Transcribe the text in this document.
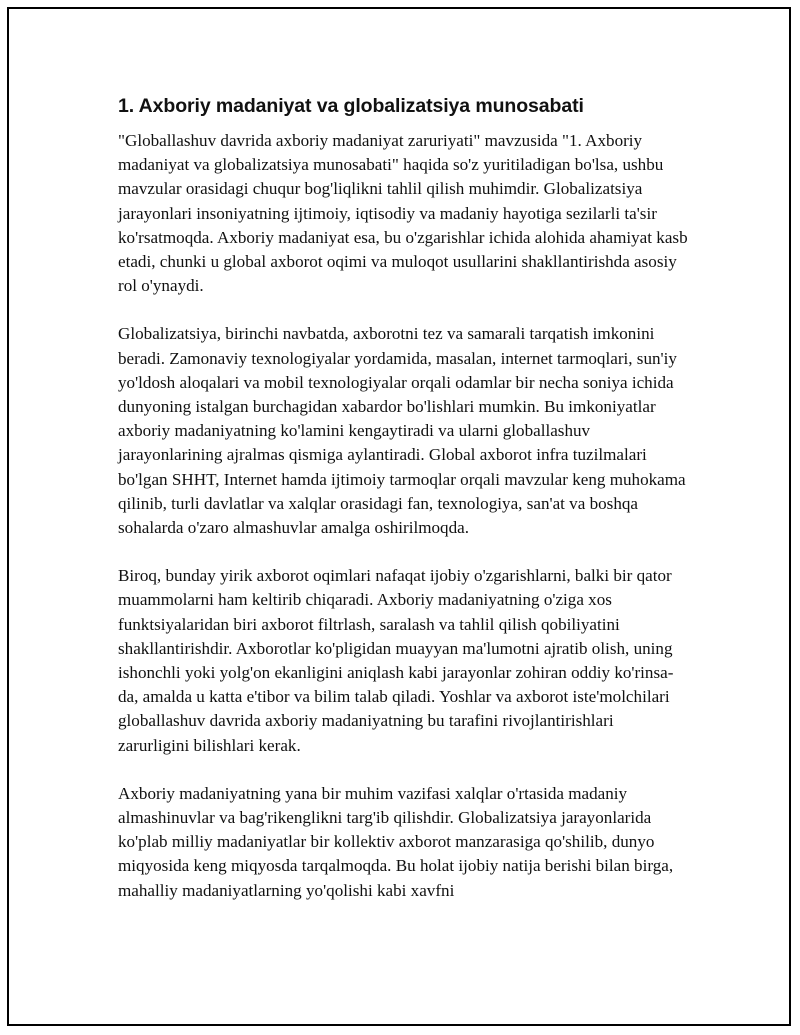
1. Axboriy madaniyat va globalizatsiya munosabati

"Globallashuv davrida axboriy madaniyat zaruriyati" mavzusida "1. Axboriy madaniyat va globalizatsiya munosabati" haqida so'z yuritiladigan bo'lsa, ushbu mavzular orasidagi chuqur bog'liqlikni tahlil qilish muhimdir. Globalizatsiya jarayonlari insoniyatning ijtimoiy, iqtisodiy va madaniy hayotiga sezilarli ta'sir ko'rsatmoqda. Axboriy madaniyat esa, bu o'zgarishlar ichida alohida ahamiyat kasb etadi, chunki u global axborot oqimi va muloqot usullarini shakllantirishda asosiy rol o'ynaydi.

Globalizatsiya, birinchi navbatda, axborotni tez va samarali tarqatish imkonini beradi. Zamonaviy texnologiyalar yordamida, masalan, internet tarmoqlari, sun'iy yo'ldosh aloqalari va mobil texnologiyalar orqali odamlar bir necha soniya ichida dunyoning istalgan burchagidan xabardor bo'lishlari mumkin. Bu imkoniyatlar axboriy madaniyatning ko'lamini kengaytiradi va ularni globallashuv jarayonlarining ajralmas qismiga aylantiradi. Global axborot infra tuzilmalari bo'lgan SHHT, Internet hamda ijtimoiy tarmoqlar orqali mavzular keng muhokama qilinib, turli davlatlar va xalqlar orasidagi fan, texnologiya, san'at va boshqa sohalarda o'zaro almashuvlar amalga oshirilmoqda.

Biroq, bunday yirik axborot oqimlari nafaqat ijobiy o'zgarishlarni, balki bir qator muammolarni ham keltirib chiqaradi. Axboriy madaniyatning o'ziga xos funktsiyalaridan biri axborot filtrlash, saralash va tahlil qilish qobiliyatini shakllantirishdir. Axborotlar ko'pligidan muayyan ma'lumotni ajratib olish, uning ishonchli yoki yolg'on ekanligini aniqlash kabi jarayonlar zohiran oddiy ko'rinsa-da, amalda u katta e'tibor va bilim talab qiladi. Yoshlar va axborot iste'molchilari globallashuv davrida axboriy madaniyatning bu tarafini rivojlantirishlari zarurligini bilishlari kerak.

Axboriy madaniyatning yana bir muhim vazifasi xalqlar o'rtasida madaniy almashinuvlar va bag'rikenglikni targ'ib qilishdir. Globalizatsiya jarayonlarida ko'plab milliy madaniyatlar bir kollektiv axborot manzarasiga qo'shilib, dunyo miqyosida keng miqyosda tarqalmoqda. Bu holat ijobiy natija berishi bilan birga, mahalliy madaniyatlarning yo'qolishi kabi xavfni
